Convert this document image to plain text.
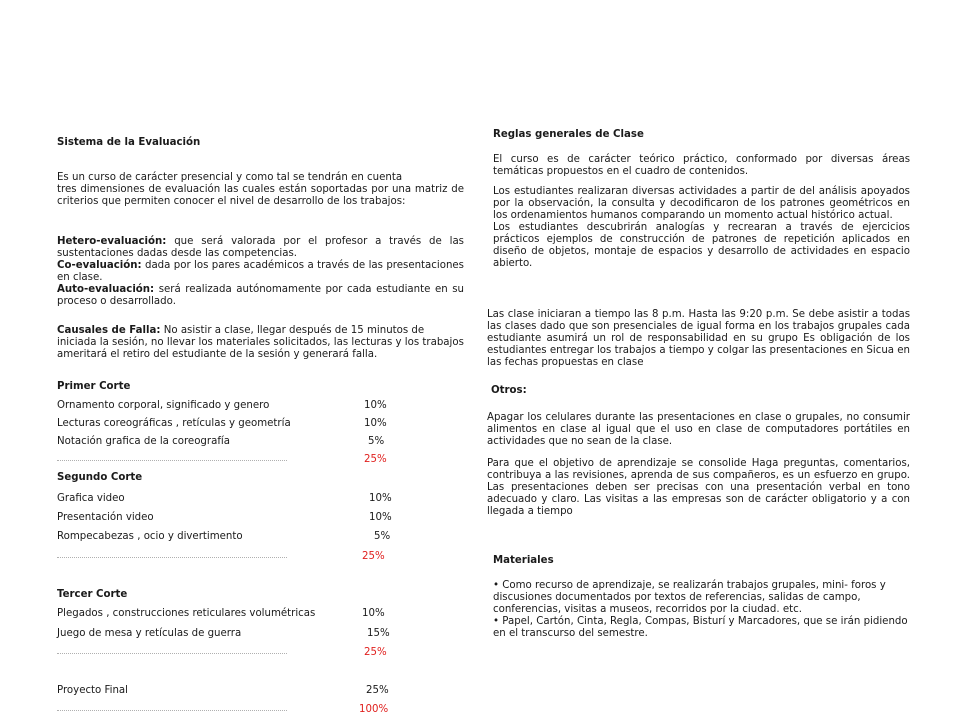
Sistema de la Evaluación

Es un curso de carácter presencial y como tal se tendrán en cuenta

tres dimensiones de evaluación las cuales están soportadas por una matriz de criterios que permiten conocer el nivel de desarrollo de los trabajos:

Hetero-evaluación: que será valorada por el profesor a través de las sustentaciones dadas desde las competencias.

Co-evaluación: dada por los pares académicos a través de las presentaciones en clase.

Auto-evaluación: será realizada autónomamente por cada estudiante en su proceso o desarrollado.

Causales de Falla: No asistir a clase, llegar después de 15 minutos de iniciada la sesión, no llevar los materiales solicitados, las lecturas y los trabajos ameritará el retiro del estudiante de la sesión y generará falla.
Primer Corte
Ornamento corporal, significado y genero	10%
Lecturas coreográficas , retículas y geometría	10%
Notación grafica de la coreografía	5%
25%
Segundo Corte
Grafica video	10%
Presentación video	10%
Rompecabezas , ocio y divertimento	5%
25%
Tercer Corte
Plegados , construcciones reticulares volumétricas	10%
Juego de mesa y retículas de guerra	15%
25%
Proyecto Final	25%
100%
Reglas generales de Clase

El curso es de carácter teórico práctico, conformado por diversas áreas temáticas propuestos en el cuadro de contenidos.

Los estudiantes realizaran diversas actividades a partir de del análisis apoyados por la observación, la consulta y decodificaron de los patrones geométricos en los ordenamientos humanos comparando un momento actual histórico actual.

Los estudiantes descubrirán analogías y recrearan a través de ejercicios prácticos ejemplos de construcción de patrones de repetición aplicados en diseño de objetos, montaje de espacios y desarrollo de actividades en espacio abierto.

Las clase iniciaran a tiempo las 8 p.m. Hasta las 9:20 p.m. Se debe asistir a todas las clases dado que son presenciales de igual forma en los trabajos grupales cada estudiante asumirá un rol de responsabilidad en su grupo Es obligación de los estudiantes entregar los trabajos a tiempo y colgar las presentaciones en Sicua en las fechas propuestas en clase
Otros:

Apagar los celulares durante las presentaciones en clase o grupales, no consumir alimentos en clase al igual que el uso en clase de computadores portátiles en actividades que no sean de la clase.

Para que el objetivo de aprendizaje se consolide Haga preguntas, comentarios, contribuya a las revisiones, aprenda de sus compañeros, es un esfuerzo en grupo. Las presentaciones deben ser precisas con una presentación verbal en tono adecuado y claro. Las visitas a las empresas son de carácter obligatorio y a con llegada a tiempo

Materiales

• Como recurso de aprendizaje, se realizarán trabajos grupales, mini- foros y discusiones documentados por textos de referencias, salidas de campo, conferencias, visitas a museos, recorridos por la ciudad. etc.

• Papel, Cartón, Cinta, Regla, Compas, Bisturí y Marcadores, que se irán pidiendo en el transcurso del semestre.
